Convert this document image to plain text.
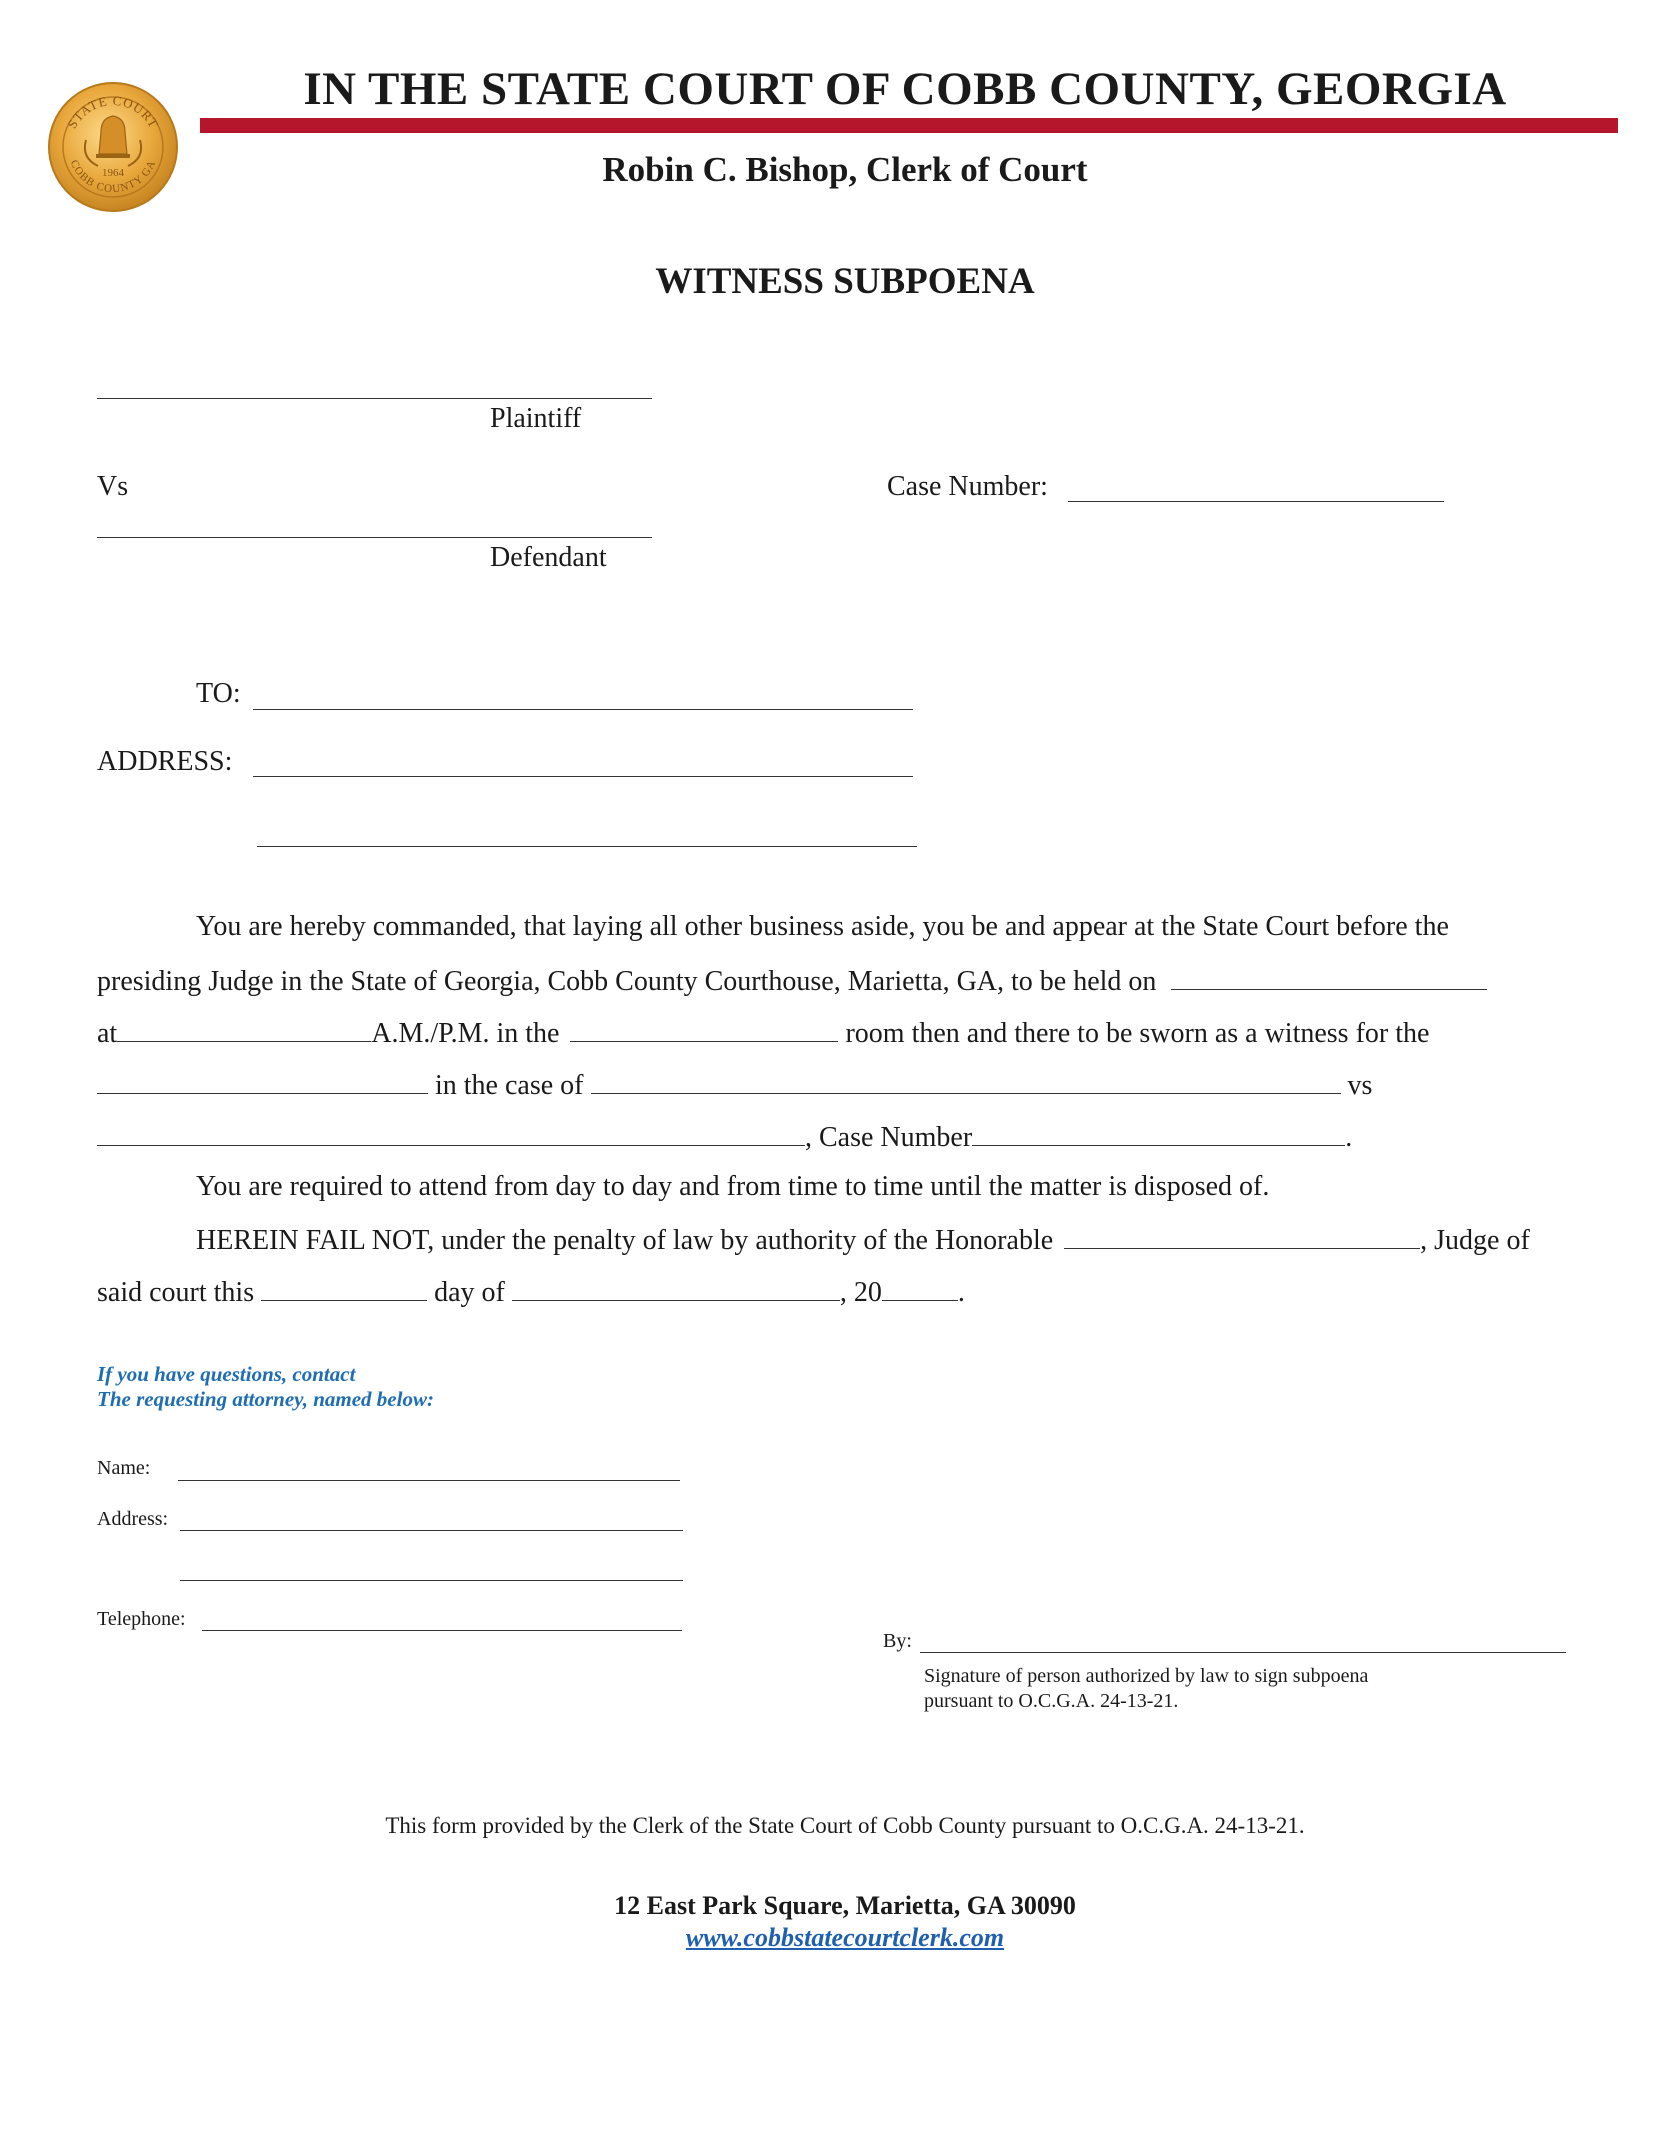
STATE COURT
COBB COUNTY GA
1964
IN THE STATE COURT OF COBB COUNTY, GEORGIA
Robin C. Bishop, Clerk of Court
WITNESS SUBPOENA
Plaintiff
Vs	Case Number:
Defendant
TO:
ADDRESS:
You are hereby commanded, that laying all other business aside, you be and appear at the State Court before the
presiding Judge in the State of Georgia, Cobb County Courthouse, Marietta, GA, to be held on
at	A.M./P.M. in the	room then and there to be sworn as a witness for the
in the case of	vs
, Case Number	.
You are required to attend from day to day and from time to time until the matter is disposed of.
HEREIN FAIL NOT, under the penalty of law by authority of the Honorable	, Judge of
said court this	day of	, 20	.
If you have questions, contact
The requesting attorney, named below:
Name:
Address:
Telephone:
By:
Signature of person authorized by law to sign subpoena
pursuant to O.C.G.A. 24-13-21.
This form provided by the Clerk of the State Court of Cobb County pursuant to O.C.G.A. 24-13-21.
12 East Park Square, Marietta, GA 30090
www.cobbstatecourtclerk.com
